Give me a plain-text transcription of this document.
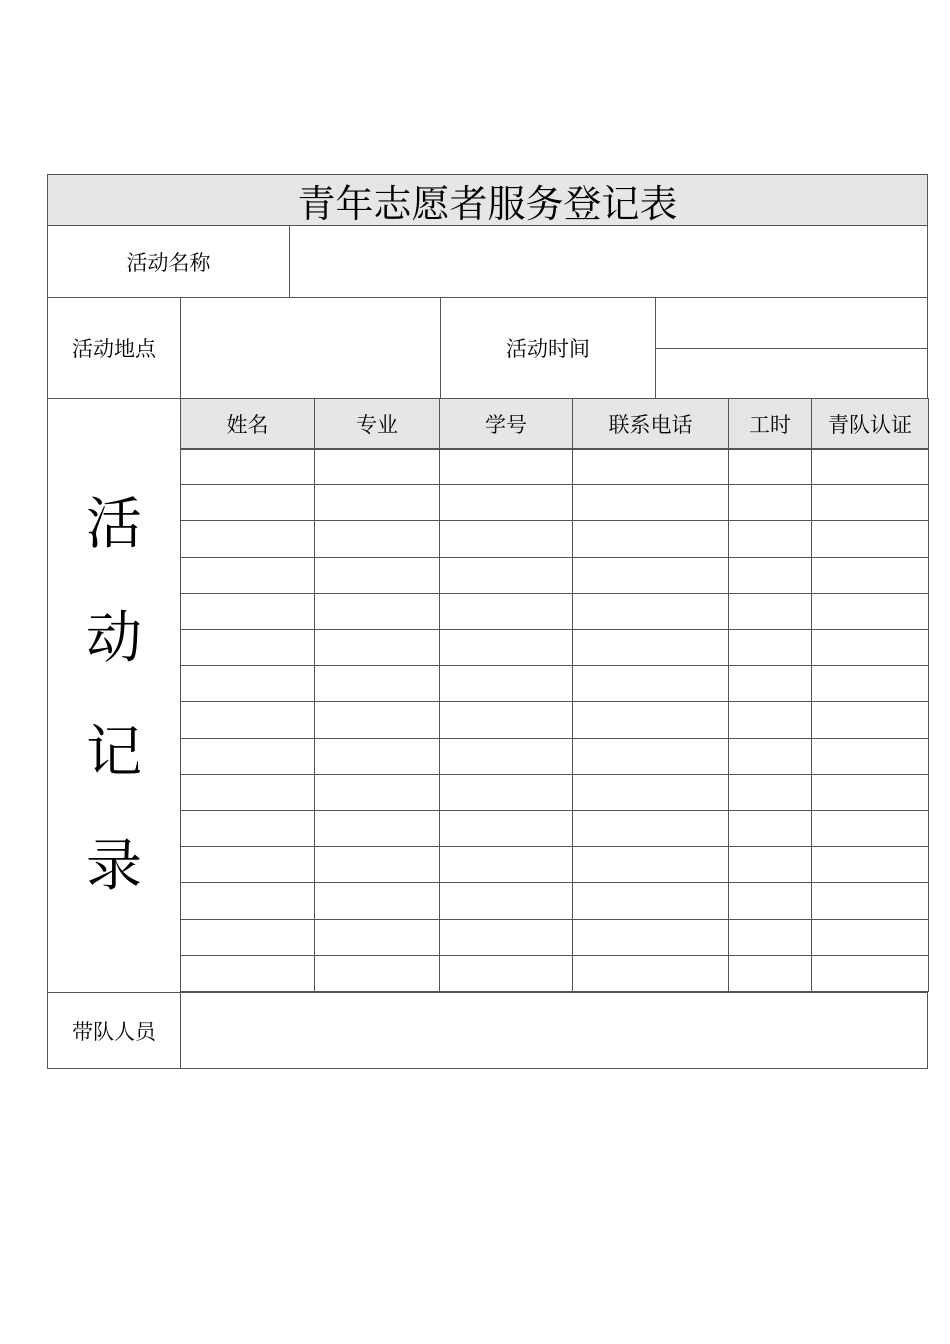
青年志愿者服务登记表
活动名称
活动地点	活动时间
活
动
记
录
姓名	专业	学号	联系电话	工时	青队认证
带队人员
